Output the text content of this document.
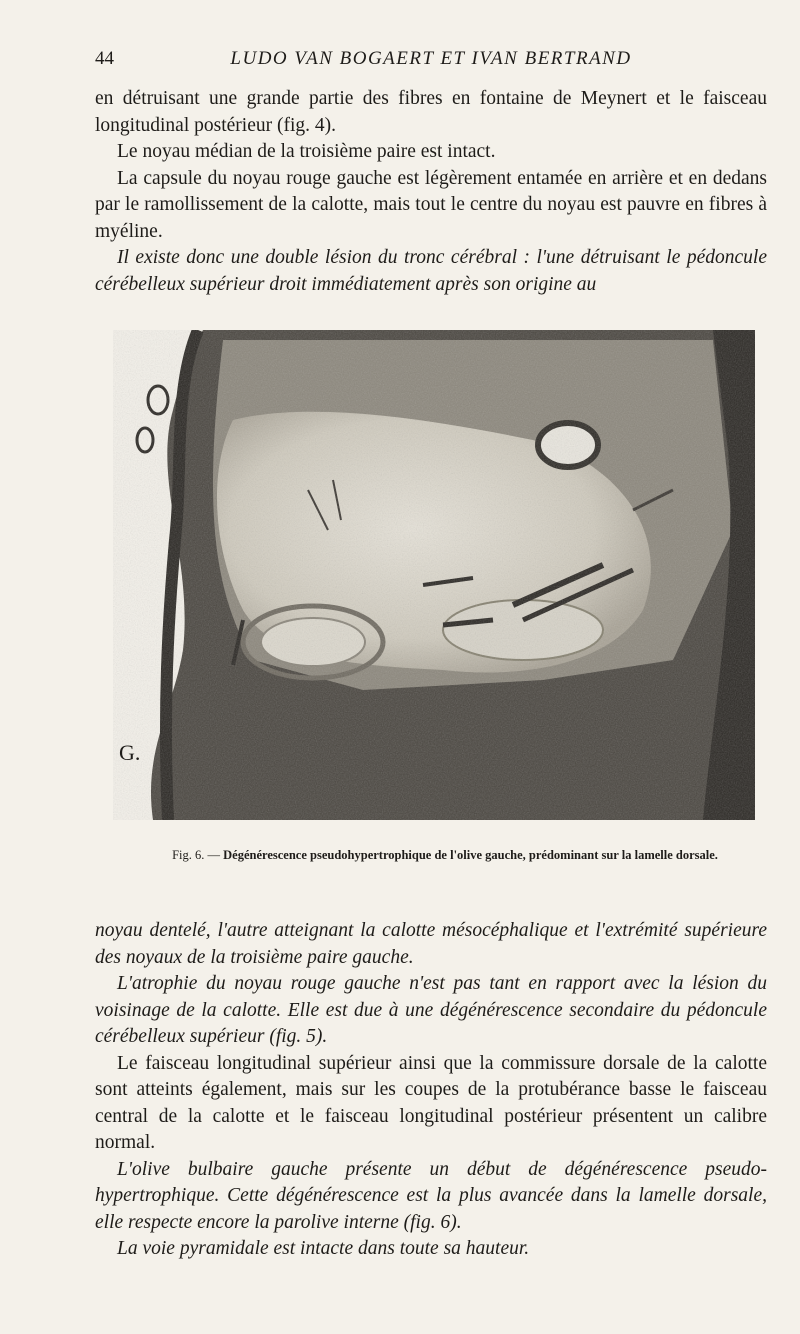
44	LUDO VAN BOGAERT ET IVAN BERTRAND

en détruisant une grande partie des fibres en fontaine de Meynert et le faisceau longitudinal postérieur (fig. 4).

Le noyau médian de la troisième paire est intact.

La capsule du noyau rouge gauche est légèrement entamée en arrière et en dedans par le ramollissement de la calotte, mais tout le centre du noyau est pauvre en fibres à myéline.

Il existe donc une double lésion du tronc cérébral : l'une détruisant le pédoncule cérébelleux supérieur droit immédiatement après son origine au

G.
Fig. 6. — Dégénérescence pseudohypertrophique de l'olive gauche, prédominant sur la lamelle dorsale.

noyau dentelé, l'autre atteignant la calotte mésocéphalique et l'extrémité supérieure des noyaux de la troisième paire gauche.

L'atrophie du noyau rouge gauche n'est pas tant en rapport avec la lésion du voisinage de la calotte. Elle est due à une dégénérescence secondaire du pédoncule cérébelleux supérieur (fig. 5).

Le faisceau longitudinal supérieur ainsi que la commissure dorsale de la calotte sont atteints également, mais sur les coupes de la protubérance basse le faisceau central de la calotte et le faisceau longitudinal postérieur présentent un calibre normal.

L'olive bulbaire gauche présente un début de dégénérescence pseudo-hypertrophique. Cette dégénérescence est la plus avancée dans la lamelle dorsale, elle respecte encore la parolive interne (fig. 6).

La voie pyramidale est intacte dans toute sa hauteur.
